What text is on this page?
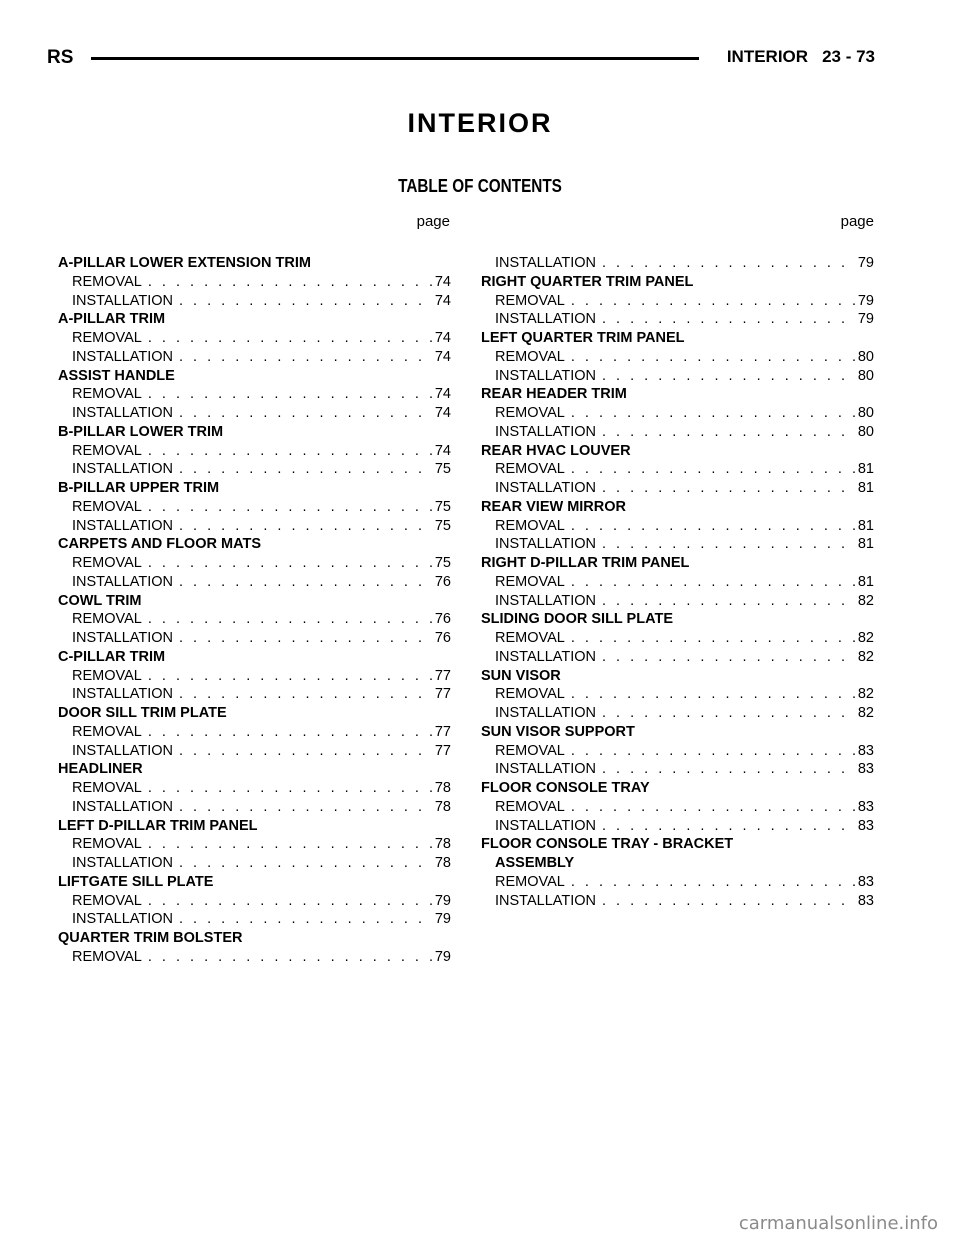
RS	INTERIOR 23 - 73
INTERIOR
TABLE OF CONTENTS
page	page
A-PILLAR LOWER EXTENSION TRIM
REMOVAL . . .	74
INSTALLATION . . .	74
A-PILLAR TRIM
REMOVAL . . .	74
INSTALLATION . . .	74
ASSIST HANDLE
REMOVAL . . .	74
INSTALLATION . . .	74
B-PILLAR LOWER TRIM
REMOVAL . . .	74
INSTALLATION . . .	75
B-PILLAR UPPER TRIM
REMOVAL . . .	75
INSTALLATION . . .	75
CARPETS AND FLOOR MATS
REMOVAL . . .	75
INSTALLATION . . .	76
COWL TRIM
REMOVAL . . .	76
INSTALLATION . . .	76
C-PILLAR TRIM
REMOVAL . . .	77
INSTALLATION . . .	77
DOOR SILL TRIM PLATE
REMOVAL . . .	77
INSTALLATION . . .	77
HEADLINER
REMOVAL . . .	78
INSTALLATION . . .	78
LEFT D-PILLAR TRIM PANEL
REMOVAL . . .	78
INSTALLATION . . .	78
LIFTGATE SILL PLATE
REMOVAL . . .	79
INSTALLATION . . .	79
QUARTER TRIM BOLSTER
REMOVAL . . .	79
INSTALLATION . . .	79
RIGHT QUARTER TRIM PANEL
REMOVAL . . .	79
INSTALLATION . . .	79
LEFT QUARTER TRIM PANEL
REMOVAL . . .	80
INSTALLATION . . .	80
REAR HEADER TRIM
REMOVAL . . .	80
INSTALLATION . . .	80
REAR HVAC LOUVER
REMOVAL . . .	81
INSTALLATION . . .	81
REAR VIEW MIRROR
REMOVAL . . .	81
INSTALLATION . . .	81
RIGHT D-PILLAR TRIM PANEL
REMOVAL . . .	81
INSTALLATION . . .	82
SLIDING DOOR SILL PLATE
REMOVAL . . .	82
INSTALLATION . . .	82
SUN VISOR
REMOVAL . . .	82
INSTALLATION . . .	82
SUN VISOR SUPPORT
REMOVAL . . .	83
INSTALLATION . . .	83
FLOOR CONSOLE TRAY
REMOVAL . . .	83
INSTALLATION . . .	83
FLOOR CONSOLE TRAY - BRACKET
ASSEMBLY
REMOVAL . . .	83
INSTALLATION . . .	83
carmanualsonline.info
